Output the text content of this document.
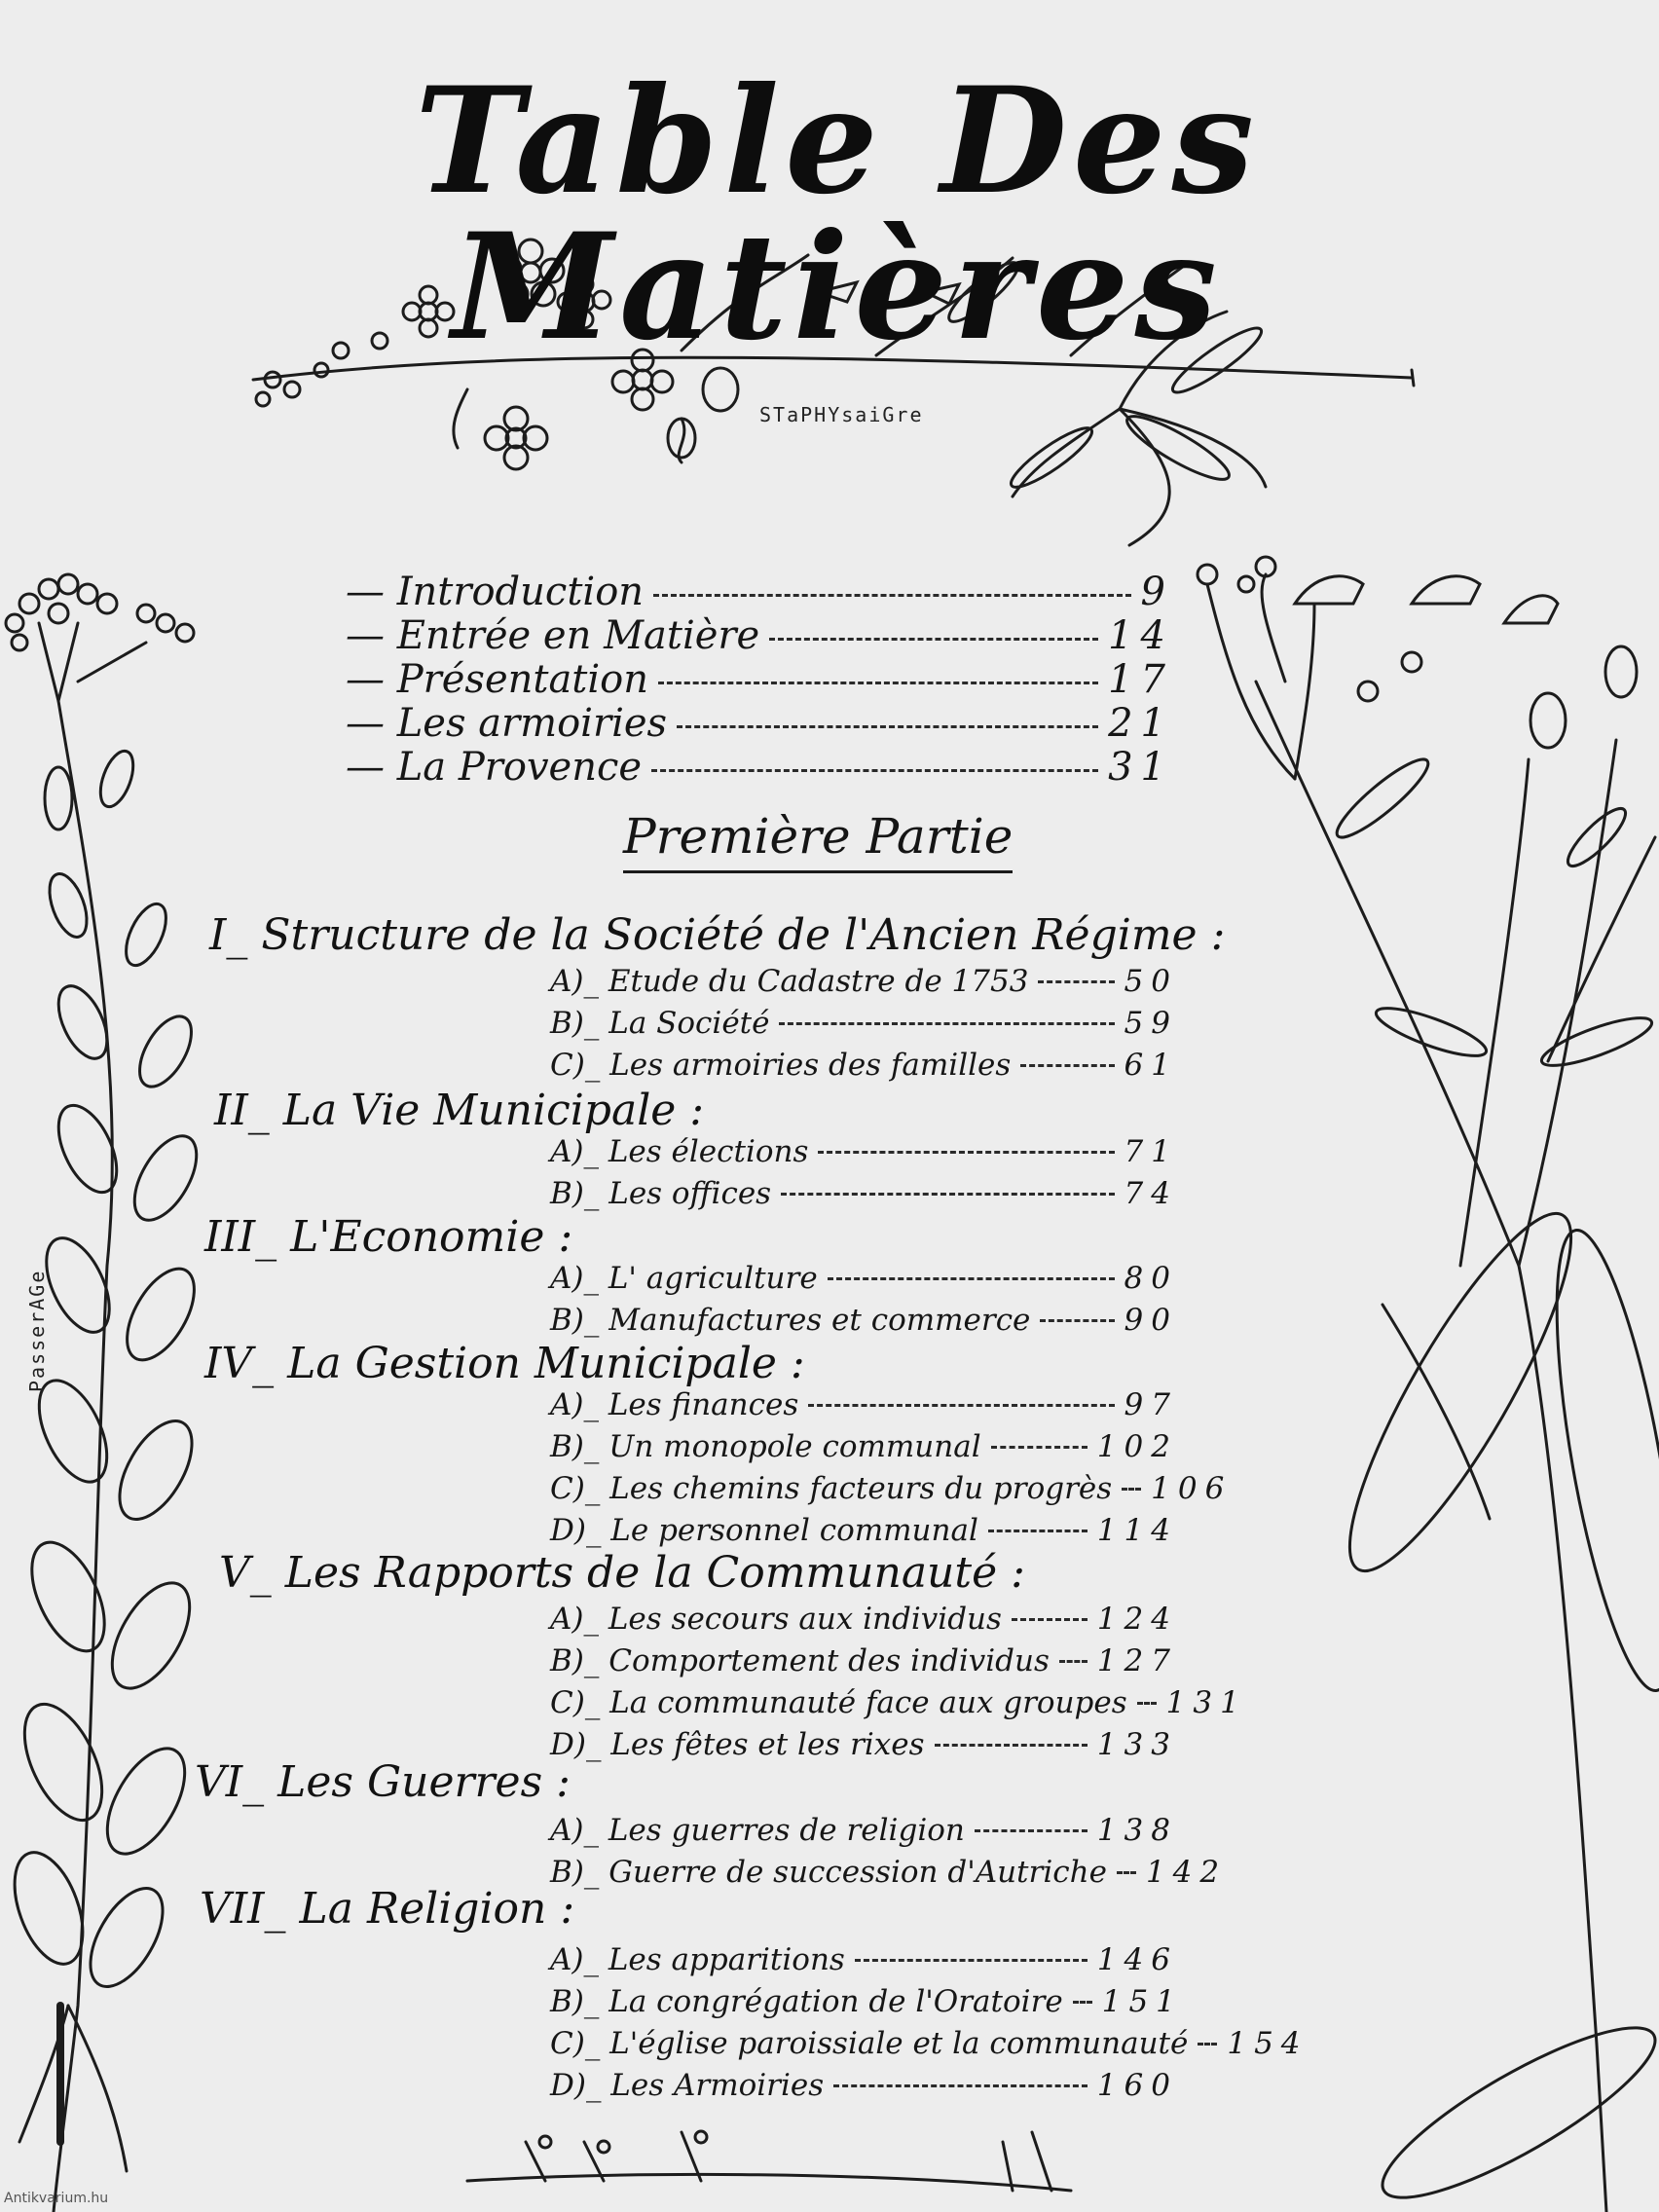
Table Des Matières
STaPHYsaiGre
PasserAGe
— Introduction	9
— Entrée en Matière	14
— Présentation	17
— Les armoiries	21
— La Provence	31
Première Partie
I_ Structure de la Société de l'Ancien Régime :
A)_ Etude du Cadastre de 1753	50
B)_ La Société	59
C)_ Les armoiries des familles	61
II_ La Vie Municipale :
A)_ Les élections	71
B)_ Les offices	74
III_ L'Economie :
A)_ L' agriculture	80
B)_ Manufactures et commerce	90
IV_ La Gestion Municipale :
A)_ Les finances	97
B)_ Un monopole communal	102
C)_ Les chemins facteurs du progrès 106
D)_ Le personnel communal	114
V_ Les Rapports de la Communauté :
A)_ Les secours aux individus	124
B)_ Comportement des individus 127
C)_ La communauté face aux groupes 131
D)_ Les fêtes et les rixes	133
VI_ Les Guerres :
A)_ Les guerres de religion	138
B)_ Guerre de succession d'Autriche 142
VII_ La Religion :
A)_ Les apparitions	146
B)_ La congrégation de l'Oratoire 151
C)_ L'église paroissiale et la communauté 154
D)_ Les Armoiries	160
Antikvarium.hu
